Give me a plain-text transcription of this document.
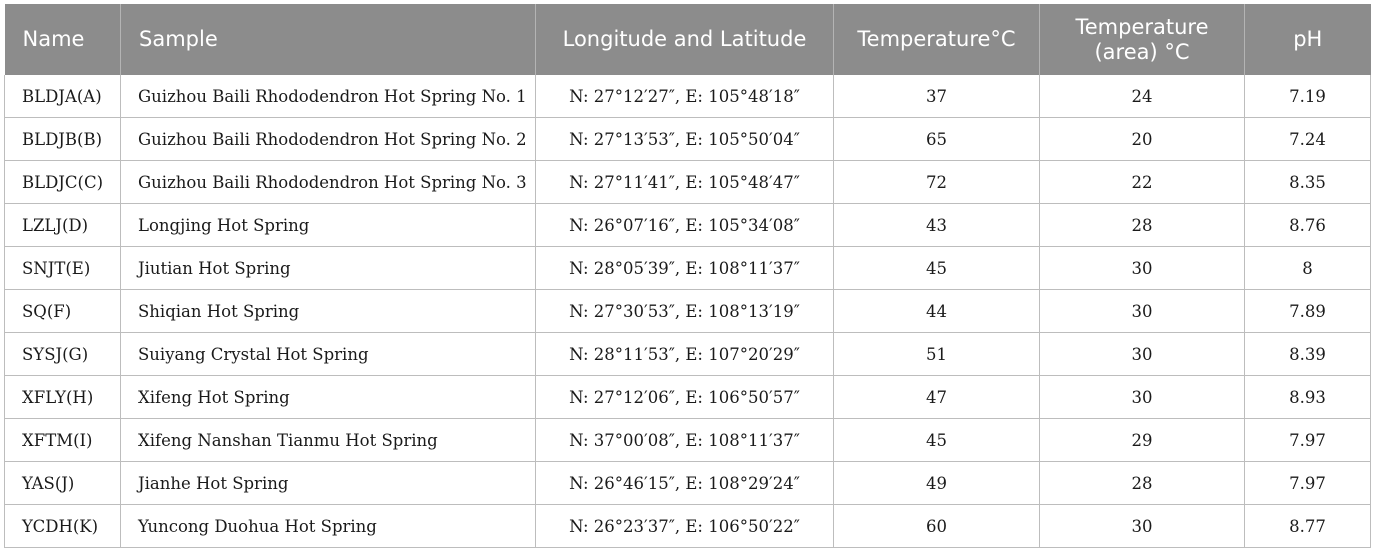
Name	Sample	Longitude and Latitude	Temperature°C	Temperature (area) °C	pH
BLDJA(A)	Guizhou Baili Rhododendron Hot Spring No. 1	N: 27°12′27″, E: 105°48′18″	37	24	7.19
BLDJB(B)	Guizhou Baili Rhododendron Hot Spring No. 2	N: 27°13′53″, E: 105°50′04″	65	20	7.24
BLDJC(C)	Guizhou Baili Rhododendron Hot Spring No. 3	N: 27°11′41″, E: 105°48′47″	72	22	8.35
LZLJ(D)	Longjing Hot Spring	N: 26°07′16″, E: 105°34′08″	43	28	8.76
SNJT(E)	Jiutian Hot Spring	N: 28°05′39″, E: 108°11′37″	45	30	8
SQ(F)	Shiqian Hot Spring	N: 27°30′53″, E: 108°13′19″	44	30	7.89
SYSJ(G)	Suiyang Crystal Hot Spring	N: 28°11′53″, E: 107°20′29″	51	30	8.39
XFLY(H)	Xifeng Hot Spring	N: 27°12′06″, E: 106°50′57″	47	30	8.93
XFTM(I)	Xifeng Nanshan Tianmu Hot Spring	N: 37°00′08″, E: 108°11′37″	45	29	7.97
YAS(J)	Jianhe Hot Spring	N: 26°46′15″, E: 108°29′24″	49	28	7.97
YCDH(K)	Yuncong Duohua Hot Spring	N: 26°23′37″, E: 106°50′22″	60	30	8.77
